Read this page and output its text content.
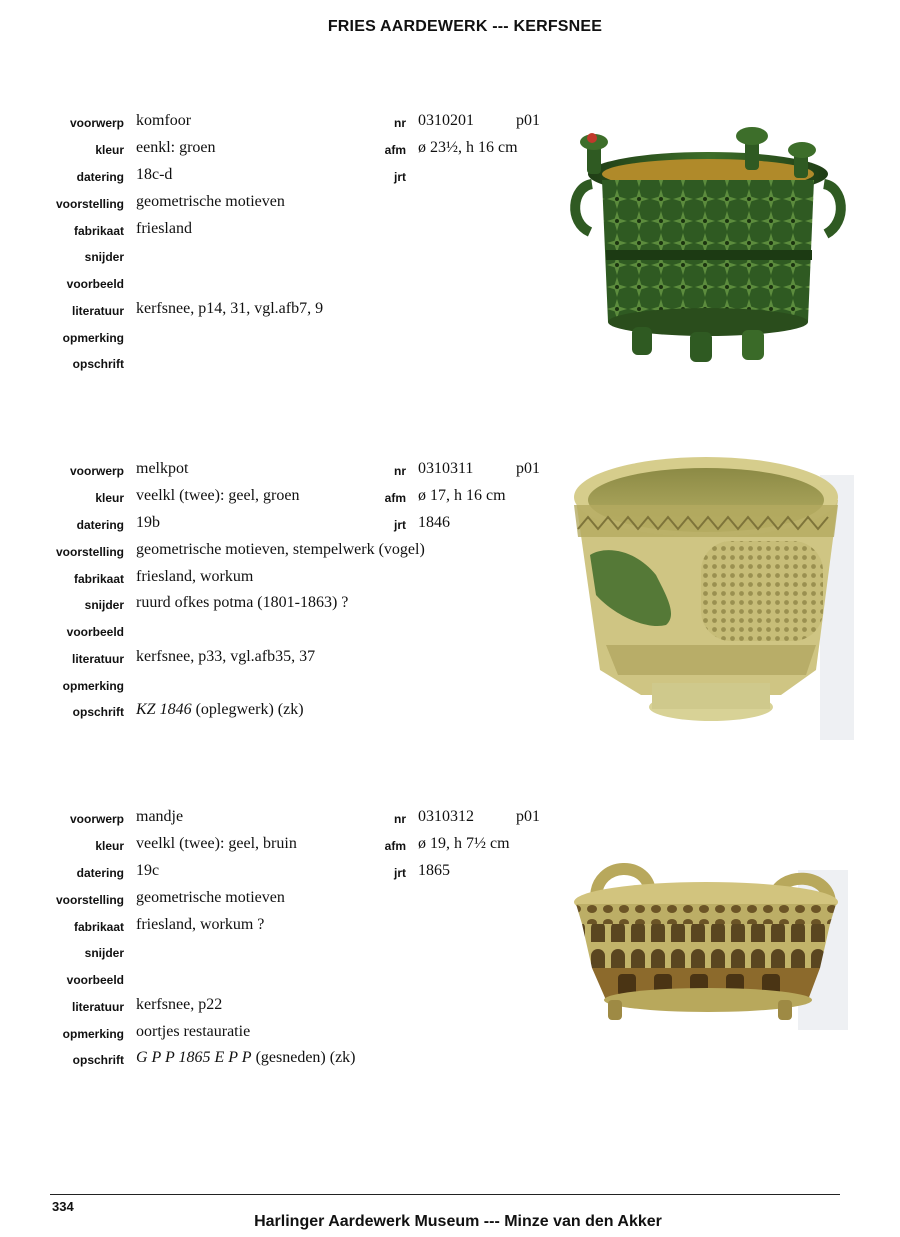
FRIES AARDEWERK --- KERFSNEE
voorwerp komfoor
kleur eenkl: groen
datering 18c-d
voorstelling geometrische motieven
fabrikaat friesland
snijder
voorbeeld
literatuur kerfsnee, p14, 31, vgl.afb7, 9
opmerking
opschrift
nr 0310201	p01
afm ø 23½, h 16 cm
jrt
voorwerp melkpot
kleur veelkl (twee): geel, groen
datering 19b
voorstelling geometrische motieven, stempelwerk (vogel)
fabrikaat friesland, workum
snijder ruurd ofkes potma (1801-1863) ?
voorbeeld
literatuur kerfsnee, p33, vgl.afb35, 37
opmerking
opschrift KZ 1846 (oplegwerk) (zk)
nr 0310311	p01
afm ø 17, h 16 cm
jrt 1846
voorwerp mandje
kleur veelkl (twee): geel, bruin
datering 19c
voorstelling geometrische motieven
fabrikaat friesland, workum ?
snijder
voorbeeld
literatuur kerfsnee, p22
opmerking oortjes restauratie
opschrift G P P 1865 E P P (gesneden) (zk)
nr 0310312	p01
afm ø 19, h 7½ cm
jrt 1865
334
Harlinger Aardewerk Museum --- Minze van den Akker
